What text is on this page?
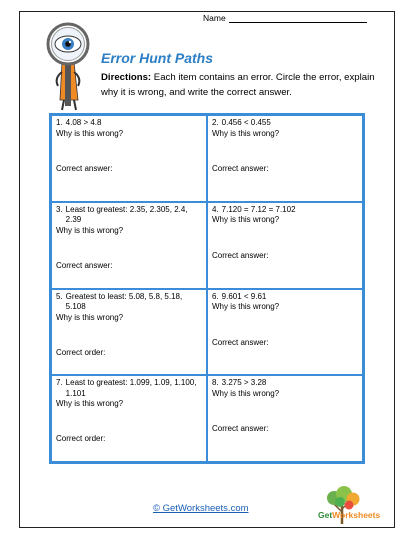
Name
Error Hunt Paths
Directions: Each item contains an error. Circle the error, explain why it is wrong, and write the correct answer.
1. 4.08 > 4.8
Why is this wrong?
Correct answer:
2. 0.456 < 0.455
Why is this wrong?
Correct answer:
3. Least to greatest: 2.35, 2.305, 2.4, 2.39
Why is this wrong?
Correct answer:
4. 7.120 = 7.12 = 7.102
Why is this wrong?
Correct answer:
5. Greatest to least: 5.08, 5.8, 5.18, 5.108
Why is this wrong?
Correct order:
6. 9.601 < 9.61
Why is this wrong?
Correct answer:
7. Least to greatest: 1.099, 1.09, 1.100, 1.101
Why is this wrong?
Correct order:
8. 3.275 > 3.28
Why is this wrong?
Correct answer:
© GetWorksheets.com
GetWorksheets
